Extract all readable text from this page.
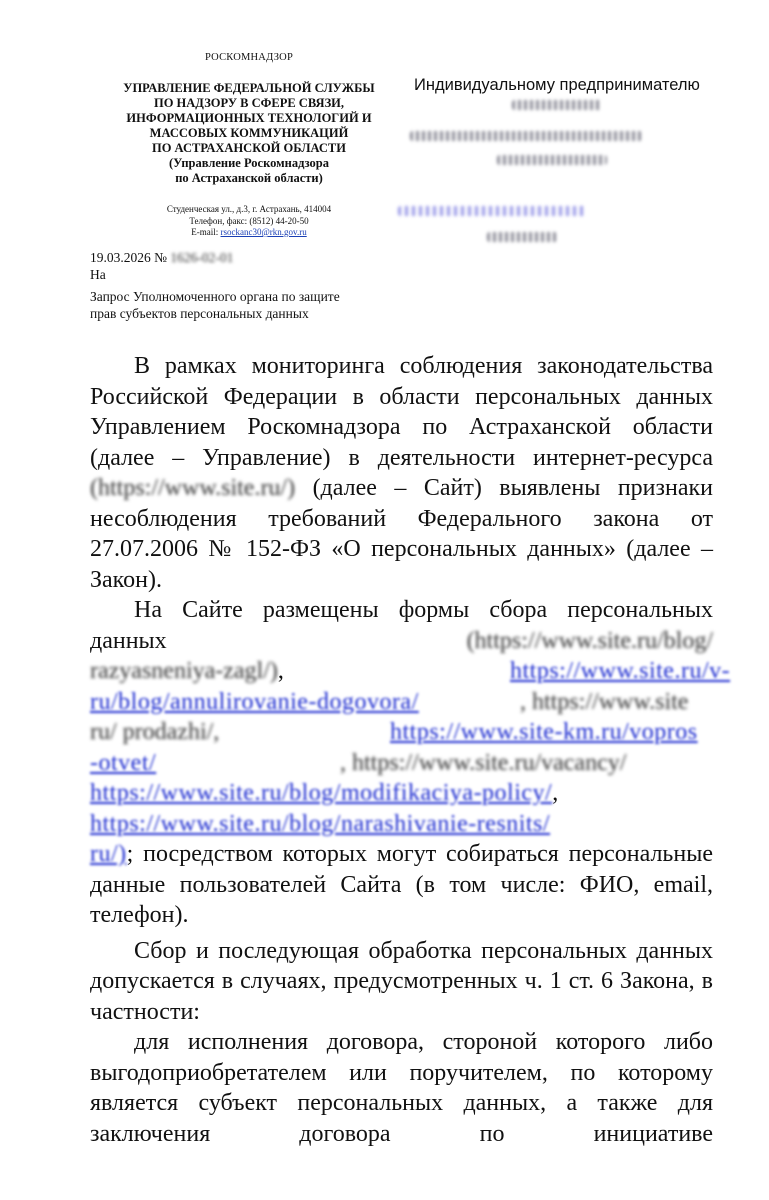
РОСКОМНАДЗОР
УПРАВЛЕНИЕ ФЕДЕРАЛЬНОЙ СЛУЖБЫ
ПО НАДЗОРУ В СФЕРЕ СВЯЗИ,
ИНФОРМАЦИОННЫХ ТЕХНОЛОГИЙ И
МАССОВЫХ КОММУНИКАЦИЙ
ПО АСТРАХАНСКОЙ ОБЛАСТИ
(Управление Роскомнадзора
по Астраханской области)
Студенческая ул., д.3, г. Астрахань, 414004
Телефон, факс: (8512) 44-20-50
E-mail: rsockanc30@rkn.gov.ru
Индивидуальному предпринимателю
19.03.2026 № 1626-02-01
На
Запрос Уполномоченного органа по защите
прав субъектов персональных данных

В рамках мониторинга соблюдения законодательства Российской Федерации в области персональных данных Управлением Роскомнадзора по Астраханской области (далее – Управление) в деятельности интернет-ресурса (https://www.site.ru/) (далее – Сайт) выявлены признаки несоблюдения требований Федерального закона от 27.07.2006 № 152-ФЗ «О персональных данных» (далее – Закон).

На Сайте размещены формы сбора персональных данных	(https://www.site.ru/blog/

razyasneniya-zagl/),	https://www.site.ru/v-
ru/blog/annulirovanie-dogovora/	, https://www.site
ru/ prodazhi/,	https://www.site-km.ru/vopros
-otvet/	, https://www.site.ru/vacancy/
https://www.site.ru/blog/modifikaciya-policy/,
https://www.site.ru/blog/narashivanie-resnits/

ru/); посредством которых могут собираться персональные данные пользователей Сайта (в том числе: ФИО, email, телефон).

Сбор и последующая обработка персональных данных допускается в случаях, предусмотренных ч. 1 ст. 6 Закона, в частности:

для исполнения договора, стороной которого либо выгодоприобретателем или поручителем, по которому является субъект персональных данных, а также для заключения договора по инициативе
